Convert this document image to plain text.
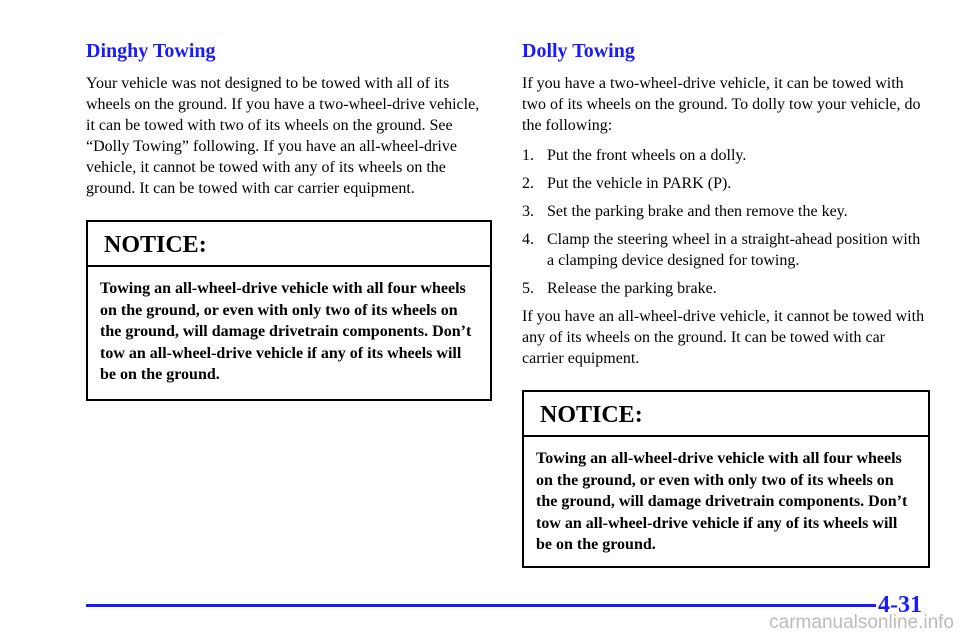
Dinghy Towing

Your vehicle was not designed to be towed with all of its wheels on the ground. If you have a two-wheel-drive vehicle, it can be towed with two of its wheels on the ground. See “Dolly Towing” following. If you have an all-wheel-drive vehicle, it cannot be towed with any of its wheels on the ground. It can be towed with car carrier equipment.

NOTICE:
Towing an all-wheel-drive vehicle with all four wheels on the ground, or even with only two of its wheels on the ground, will damage drivetrain components. Don’t tow an all-wheel-drive vehicle if any of its wheels will be on the ground.
Dolly Towing

If you have a two-wheel-drive vehicle, it can be towed with two of its wheels on the ground. To dolly tow your vehicle, do the following:

1. Put the front wheels on a dolly.
2. Put the vehicle in PARK (P).
3. Set the parking brake and then remove the key.
4. Clamp the steering wheel in a straight-ahead position with a clamping device designed for towing.
5. Release the parking brake.

If you have an all-wheel-drive vehicle, it cannot be towed with any of its wheels on the ground. It can be towed with car carrier equipment.

NOTICE:
Towing an all-wheel-drive vehicle with all four wheels on the ground, or even with only two of its wheels on the ground, will damage drivetrain components. Don’t tow an all-wheel-drive vehicle if any of its wheels will be on the ground.
4-31
carmanualsonline.info
